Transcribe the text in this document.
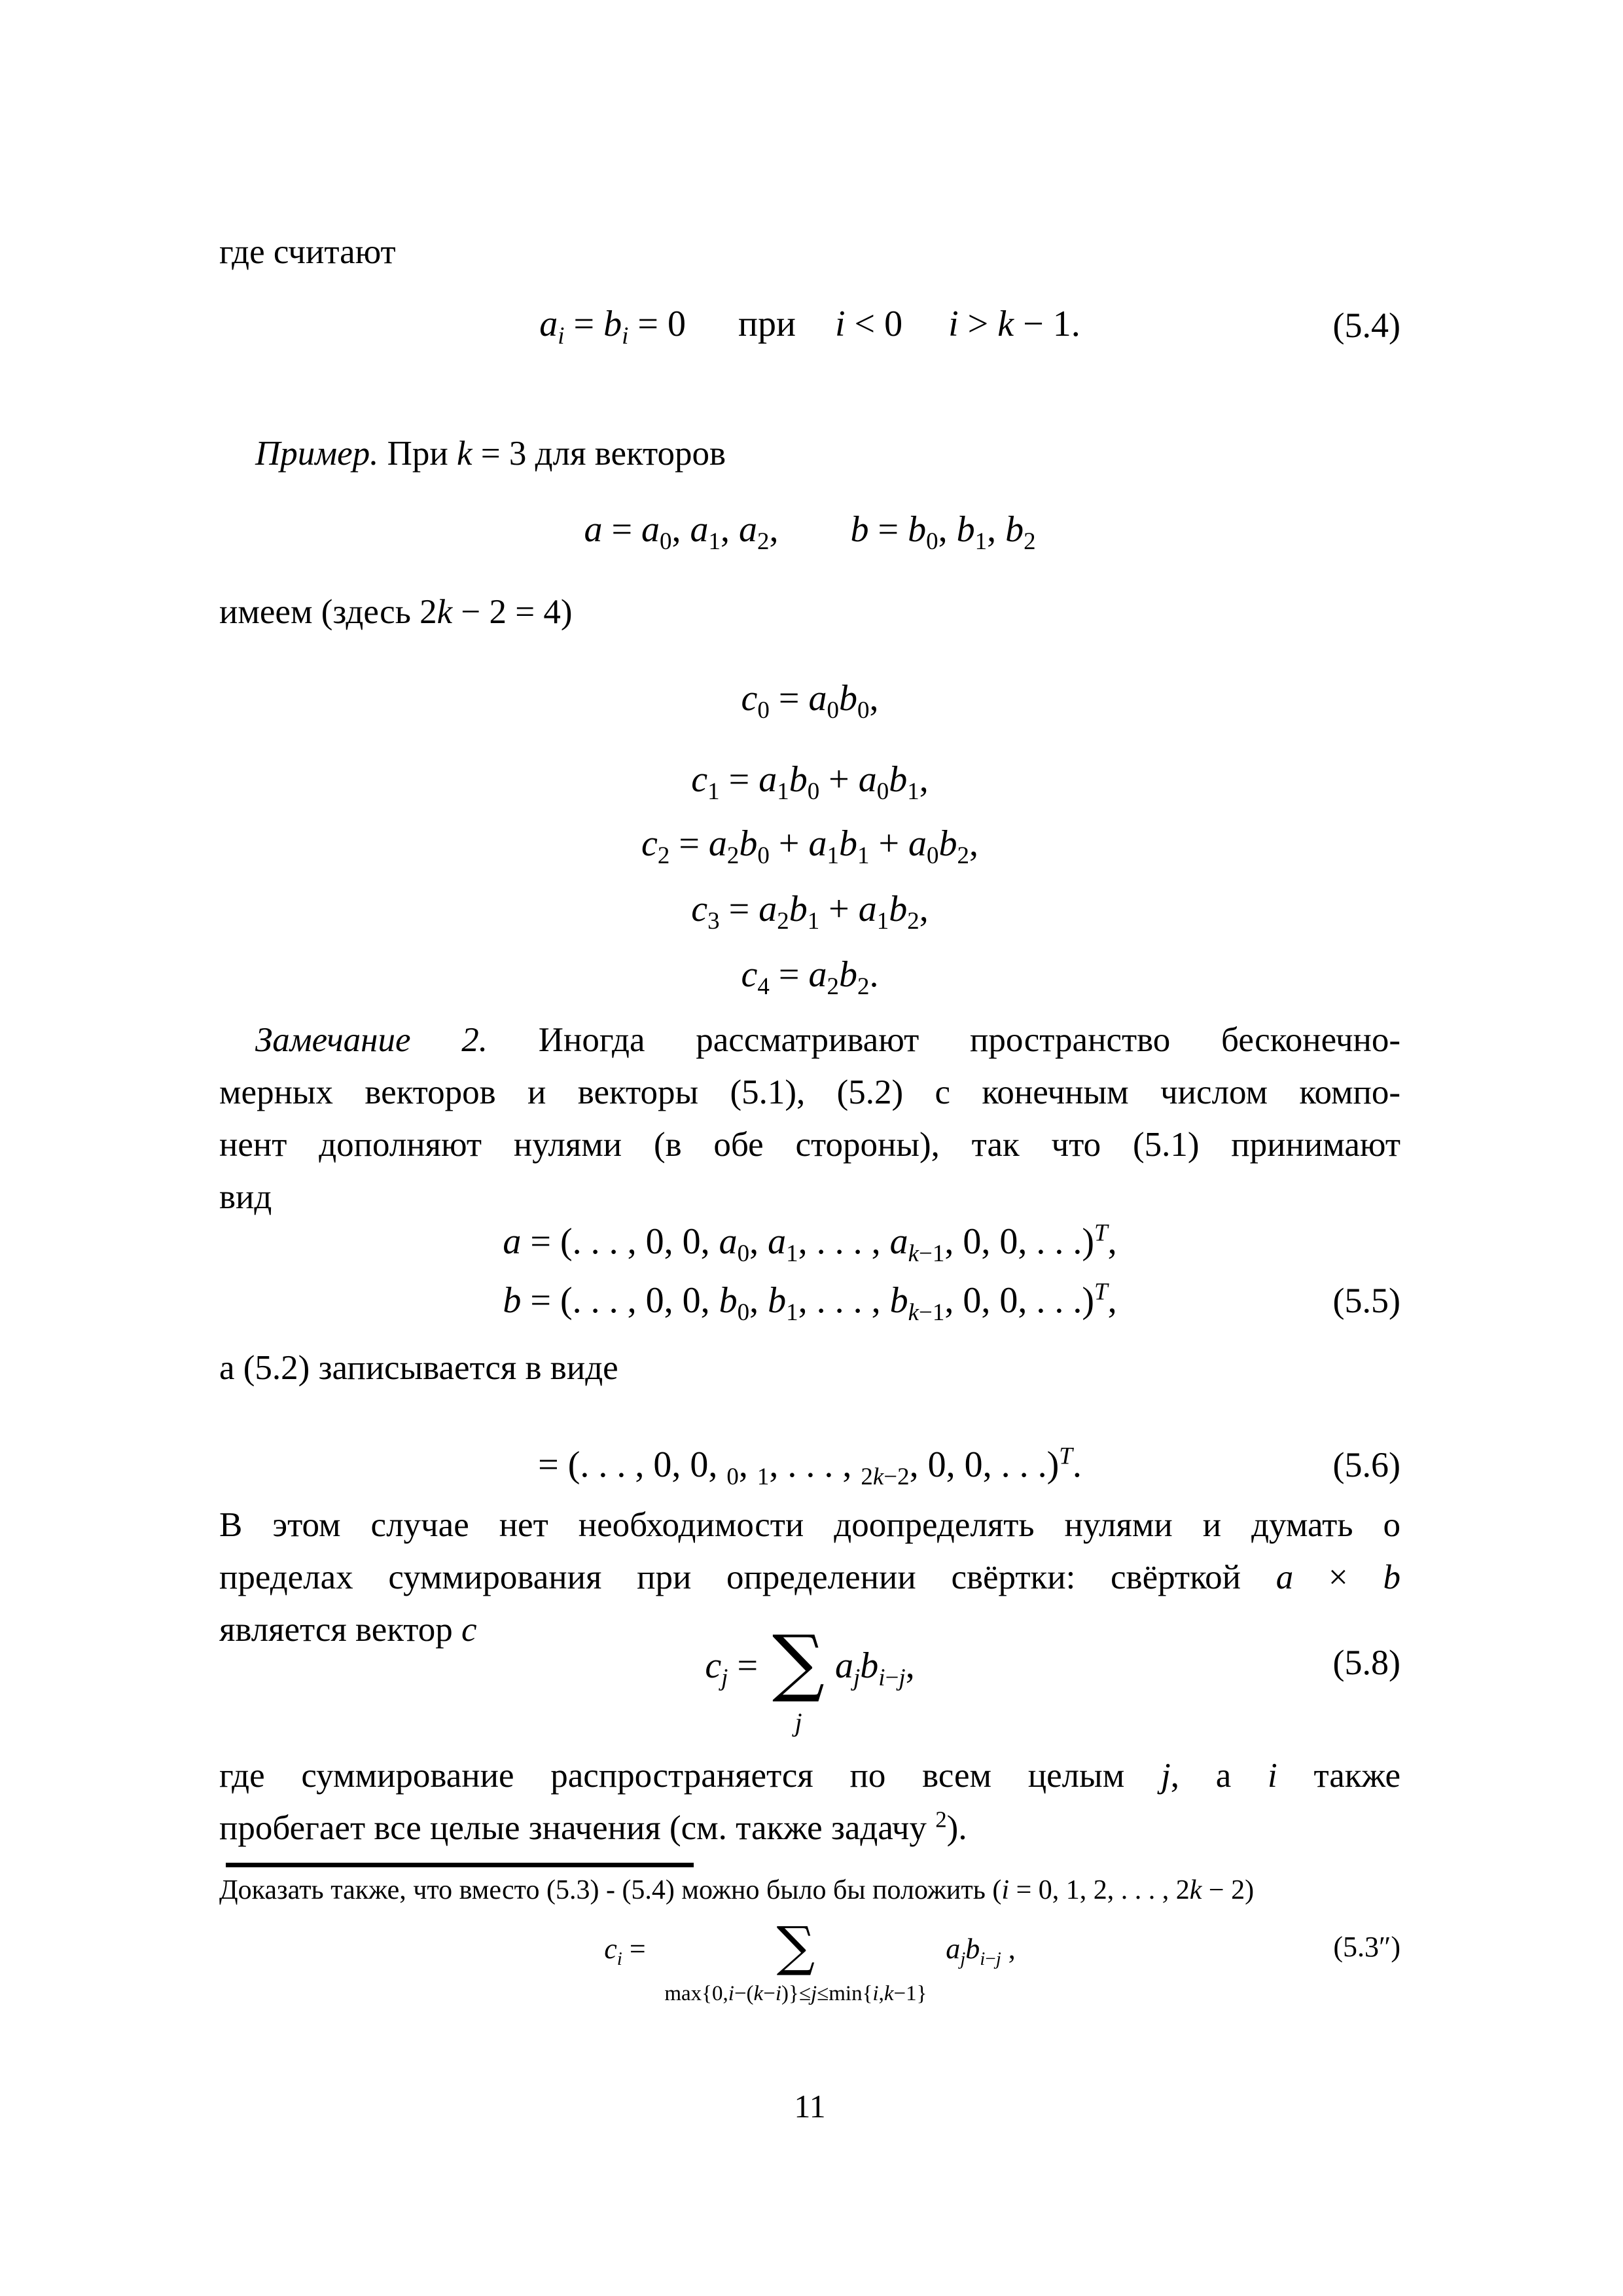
где считают
$a_i = b_i = 0$ при i < 0 i > k − 1.	(5.4)
Пример. При k = 3 для векторов
$a = a_0$, $a_1$, $a_2$, $b = b_0$, $b_1$, $b_2$
имеем (здесь 2k − 2 = 4)
$c_0 = a_0b_0$,
$c_1 = a_1b_0 + a_0b_1$,
$c_2 = a_2b_0 + a_1b_1 + a_0b_2$,
$c_3 = a_2b_1 + a_1b_2$,
$c_4 = a_2b_2$.
Замечание 2. Иногда рассматривают пространство бесконечно-
мерных векторов и векторы (5.1), (5.2) с конечным числом компо-
нент дополняют нулями (в обе стороны), так что (5.1) принимают
вид
a = (. . . , 0, 0, $a_0$, $a_1$, . . . , $a_{k-1}$, 0, 0, . . .)$^T$,
b = (. . . , 0, 0, $b_0$, $b_1$, . . . , $b_{k-1}$, 0, 0, . . .)$^T$,	(5.5)
а (5.2) записывается в виде
= (. . . , 0, 0, $_0$, $_1$, . . . , $_{2k-2}$, 0, 0, . . .)$^T$.	(5.6)
В этом случае нет необходимости доопределять нулями и думать о
пределах суммирования при определении свёртки: свёрткой a × b
является вектор c
$c_j$ = ∑
j
$a_jb_{i-j}$,	(5.8)
где суммирование распространяется по всем целым j, а i также
пробегает все целые значения (см. также задачу $^2$).
Доказать также, что вместо (5.3) - (5.4) можно было бы положить (i = 0, 1, 2, . . . , 2k − 2)
$c_i$ = ∑
max{0,i−(k−i)}≤j≤min{i,k−1}
$a_jb_{i-j}$ ,	(5.3″)
11
